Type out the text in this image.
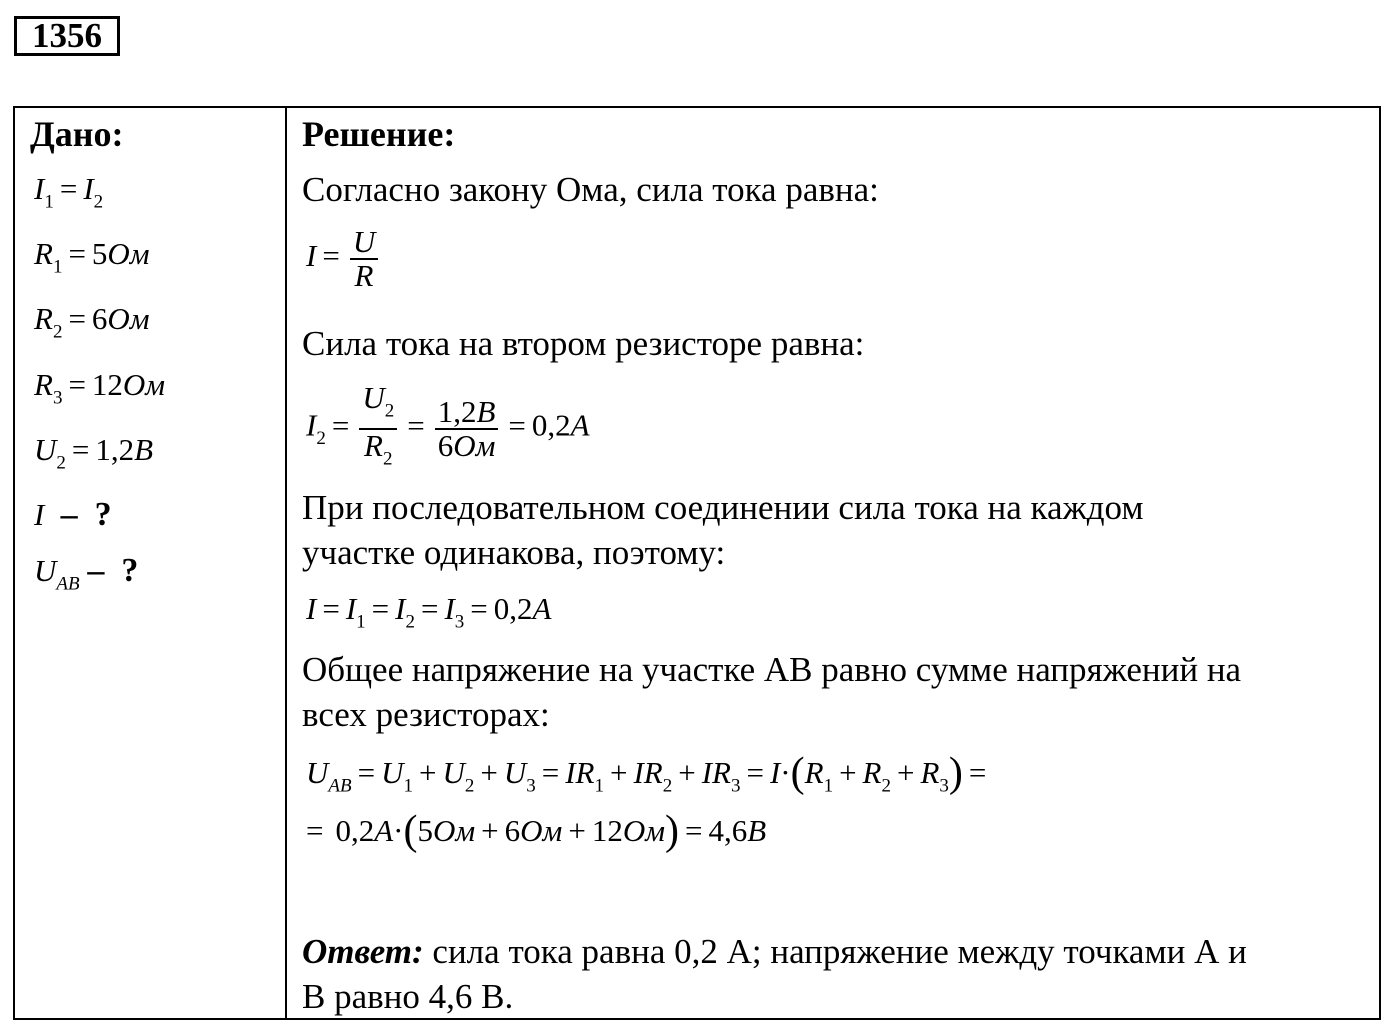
1356
Дано:
$I_1 = I_2$
$R_1 = 5Ом$
$R_2 = 6Ом$
$R_3 = 12Ом$
$U_2 = 1,2В$
I  –  ?
$U_{AB}$ –  ?
Решение:
Согласно закону Ома, сила тока равна:
$I = \frac{U}{R}$
Сила тока на втором резисторе равна:
$I_2 = \frac{U_2}{R_2} = \frac{1,2В}{6Ом} = 0,2А$
При последовательном соединении сила тока на каждом
участке одинакова, поэтому:
$I = I_1 = I_2 = I_3 = 0,2А$
Общее напряжение на участке АВ равно сумме напряжений на
всех резисторах:
$U_{AB} = U_1 + U_2 + U_3 = IR_1 + IR_2 + IR_3 = I\cdot(R_1 + R_2 + R_3)$ =
= 0,2А·(5Ом + 6Ом + 12Ом) = 4,6В
Ответ: сила тока равна 0,2 А; напряжение между точками А и
В равно 4,6 В.
